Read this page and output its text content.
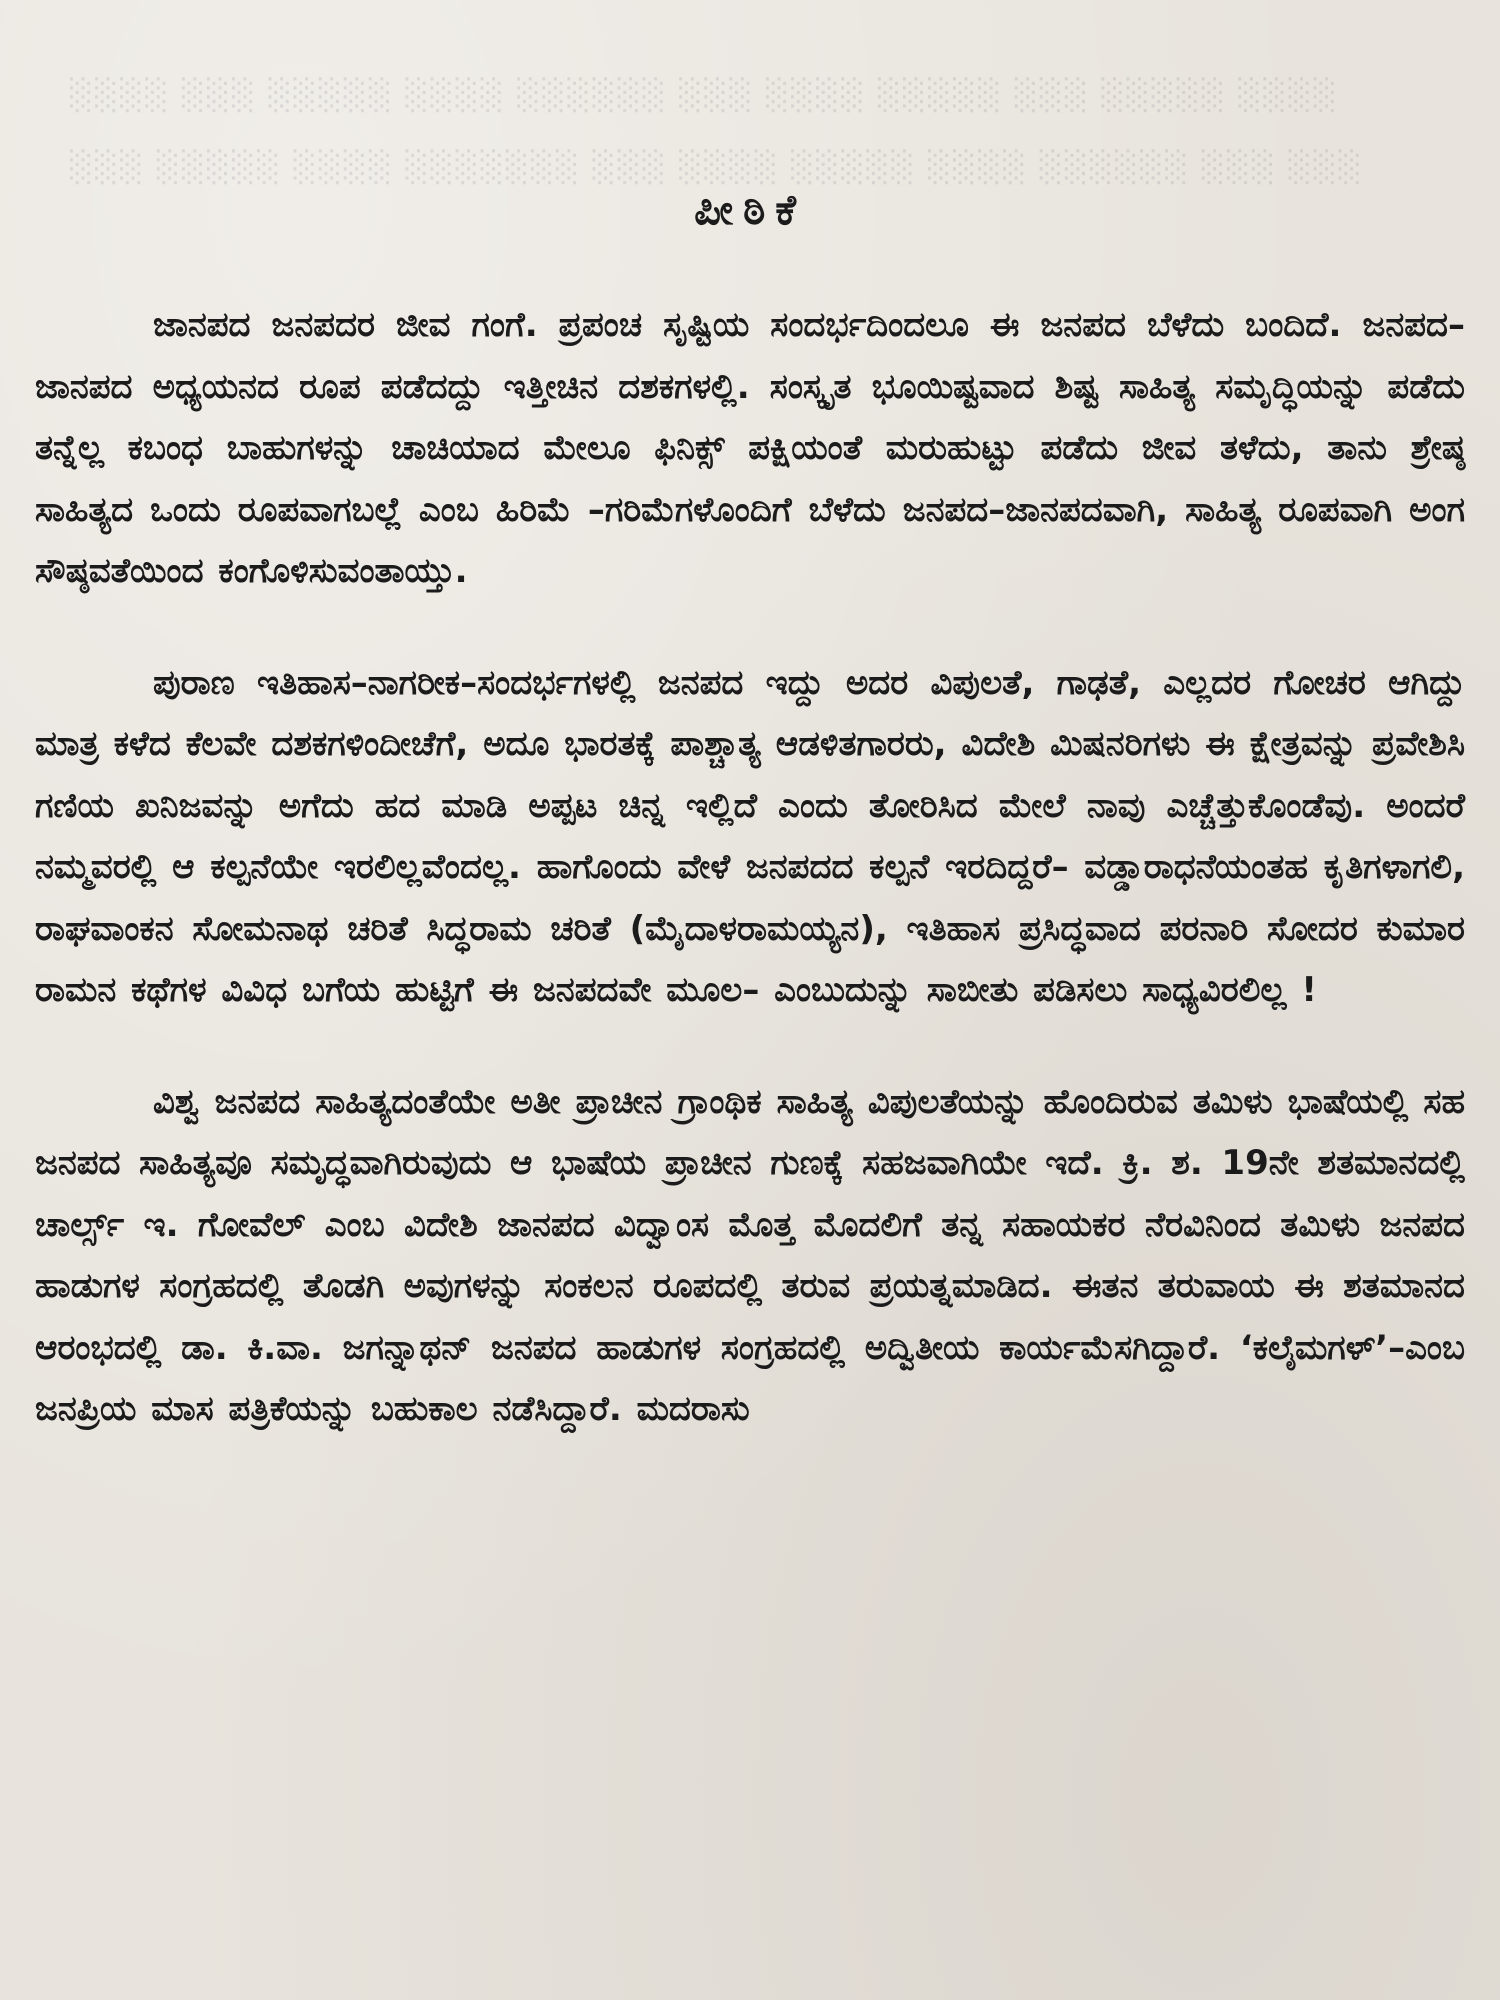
░░░░ ░░░ ░░░░░ ░░░░ ░░░░░░ ░░░ ░░░░ ░░░░░ ░░░ ░░░░░ ░░░░
░░░ ░░░░░ ░░░░ ░░░░░░░ ░░░ ░░░░ ░░░░░ ░░░░ ░░░░░░ ░░░ ░░░
ಪೀಠಿಕೆ

ಜಾನಪದ ಜನಪದರ ಜೀವ ಗಂಗೆ. ಪ್ರಪಂಚ ಸೃಷ್ಟಿಯ ಸಂದರ್ಭದಿಂದಲೂ ಈ ಜನಪದ ಬೆಳೆದು ಬಂದಿದೆ. ಜನಪದ–ಜಾನಪದ ಅಧ್ಯಯನದ ರೂಪ ಪಡೆದದ್ದು ಇತ್ತೀಚಿನ ದಶಕಗಳಲ್ಲಿ. ಸಂಸ್ಕೃತ ಭೂಯಿಷ್ಟವಾದ ಶಿಷ್ಟ ಸಾಹಿತ್ಯ ಸಮೃದ್ಧಿಯನ್ನು ಪಡೆದು ತನ್ನೆಲ್ಲ ಕಬಂಧ ಬಾಹುಗಳನ್ನು ಚಾಚಿಯಾದ ಮೇಲೂ ಫಿನಿಕ್ಸ್ ಪಕ್ಷಿಯಂತೆ ಮರುಹುಟ್ಟು ಪಡೆದು ಜೀವ ತಳೆದು, ತಾನು ಶ್ರೇಷ್ಠ ಸಾಹಿತ್ಯದ ಒಂದು ರೂಪವಾಗಬಲ್ಲೆ ಎಂಬ ಹಿರಿಮೆ –ಗರಿಮೆಗಳೊಂದಿಗೆ ಬೆಳೆದು ಜನಪದ–ಜಾನಪದವಾಗಿ, ಸಾಹಿತ್ಯ ರೂಪವಾಗಿ ಅಂಗ ಸೌಷ್ಠವತೆಯಿಂದ ಕಂಗೊಳಿಸುವಂತಾಯ್ತು.

ಪುರಾಣ ಇತಿಹಾಸ–ನಾಗರೀಕ–ಸಂದರ್ಭಗಳಲ್ಲಿ ಜನಪದ ಇದ್ದು ಅದರ ವಿಪುಲತೆ, ಗಾಢತೆ, ಎಲ್ಲದರ ಗೋಚರ ಆಗಿದ್ದು ಮಾತ್ರ ಕಳೆದ ಕೆಲವೇ ದಶಕಗಳಿಂದೀಚೆಗೆ, ಅದೂ ಭಾರತಕ್ಕೆ ಪಾಶ್ಚಾತ್ಯ ಆಡಳಿತಗಾರರು, ವಿದೇಶಿ ಮಿಷನರಿಗಳು ಈ ಕ್ಷೇತ್ರವನ್ನು ಪ್ರವೇಶಿಸಿ ಗಣಿಯ ಖನಿಜವನ್ನು ಅಗೆದು ಹದ ಮಾಡಿ ಅಪ್ಪಟ ಚಿನ್ನ ಇಲ್ಲಿದೆ ಎಂದು ತೋರಿಸಿದ ಮೇಲೆ ನಾವು ಎಚ್ಚೆತ್ತುಕೊಂಡೆವು. ಅಂದರೆ ನಮ್ಮವರಲ್ಲಿ ಆ ಕಲ್ಪನೆಯೇ ಇರಲಿಲ್ಲವೆಂದಲ್ಲ. ಹಾಗೊಂದು ವೇಳೆ ಜನಪದದ ಕಲ್ಪನೆ ಇರದಿದ್ದರೆ– ವಡ್ಡಾರಾಧನೆಯಂತಹ ಕೃತಿಗಳಾಗಲಿ, ರಾಘವಾಂಕನ ಸೋಮನಾಥ ಚರಿತೆ ಸಿದ್ಧರಾಮ ಚರಿತೆ (ಮೈದಾಳರಾಮಯ್ಯನ), ಇತಿಹಾಸ ಪ್ರಸಿದ್ಧವಾದ ಪರನಾರಿ ಸೋದರ ಕುಮಾರ ರಾಮನ ಕಥೆಗಳ ವಿವಿಧ ಬಗೆಯ ಹುಟ್ಟಿಗೆ ಈ ಜನಪದವೇ ಮೂಲ– ಎಂಬುದುನ್ನು ಸಾಬೀತು ಪಡಿಸಲು ಸಾಧ್ಯವಿರಲಿಲ್ಲ !

ವಿಶ್ವ ಜನಪದ ಸಾಹಿತ್ಯದಂತೆಯೇ ಅತೀ ಪ್ರಾಚೀನ ಗ್ರಾಂಥಿಕ ಸಾಹಿತ್ಯ ವಿಪುಲತೆಯನ್ನು ಹೊಂದಿರುವ ತಮಿಳು ಭಾಷೆಯಲ್ಲಿ ಸಹ ಜನಪದ ಸಾಹಿತ್ಯವೂ ಸಮೃದ್ಧವಾಗಿರುವುದು ಆ ಭಾಷೆಯ ಪ್ರಾಚೀನ ಗುಣಕ್ಕೆ ಸಹಜವಾಗಿಯೇ ಇದೆ. ಕ್ರಿ. ಶ. 19ನೇ ಶತಮಾನದಲ್ಲಿ ಚಾರ್ಲ್ಸ್ ಇ. ಗೋವೆಲ್ ಎಂಬ ವಿದೇಶಿ ಜಾನಪದ ವಿದ್ವಾಂಸ ಮೊತ್ತ ಮೊದಲಿಗೆ ತನ್ನ ಸಹಾಯಕರ ನೆರವಿನಿಂದ ತಮಿಳು ಜನಪದ ಹಾಡುಗಳ ಸಂಗ್ರಹದಲ್ಲಿ ತೊಡಗಿ ಅವುಗಳನ್ನು ಸಂಕಲನ ರೂಪದಲ್ಲಿ ತರುವ ಪ್ರಯತ್ನಮಾಡಿದ. ಈತನ ತರುವಾಯ ಈ ಶತಮಾನದ ಆರಂಭದಲ್ಲಿ ಡಾ. ಕಿ.ವಾ. ಜಗನ್ನಾಥನ್ ಜನಪದ ಹಾಡುಗಳ ಸಂಗ್ರಹದಲ್ಲಿ ಅದ್ವಿತೀಯ ಕಾರ್ಯಮೆಸಗಿದ್ದಾರೆ. ‘ಕಲೈಮಗಳ್’–ಎಂಬ ಜನಪ್ರಿಯ ಮಾಸ ಪತ್ರಿಕೆಯನ್ನು ಬಹುಕಾಲ ನಡೆಸಿದ್ದಾರೆ. ಮದರಾಸು
